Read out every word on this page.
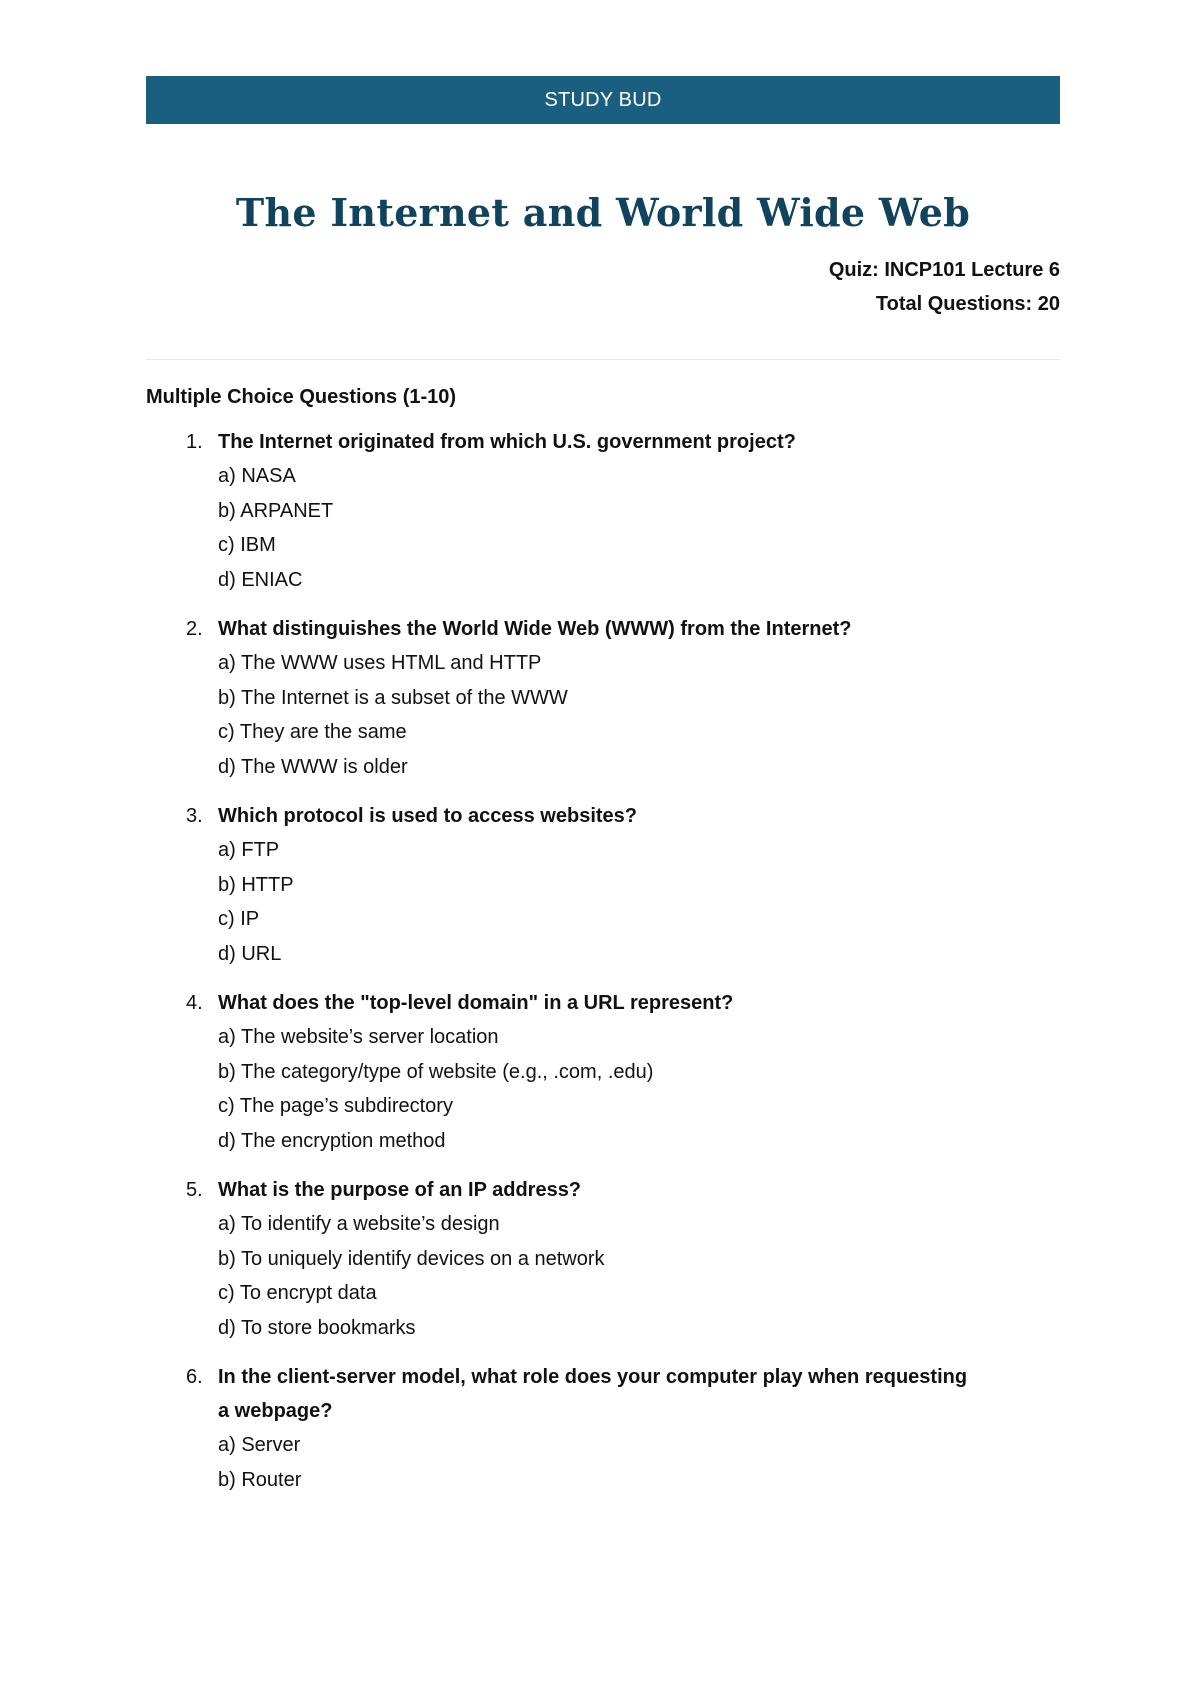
STUDY BUD
The Internet and World Wide Web
Quiz: INCP101 Lecture 6
Total Questions: 20
Multiple Choice Questions (1-10)
1. The Internet originated from which U.S. government project?
a) NASA
b) ARPANET
c) IBM
d) ENIAC
2. What distinguishes the World Wide Web (WWW) from the Internet?
a) The WWW uses HTML and HTTP
b) The Internet is a subset of the WWW
c) They are the same
d) The WWW is older
3. Which protocol is used to access websites?
a) FTP
b) HTTP
c) IP
d) URL
4. What does the "top-level domain" in a URL represent?
a) The website’s server location
b) The category/type of website (e.g., .com, .edu)
c) The page’s subdirectory
d) The encryption method
5. What is the purpose of an IP address?
a) To identify a website’s design
b) To uniquely identify devices on a network
c) To encrypt data
d) To store bookmarks
6. In the client-server model, what role does your computer play when requesting a webpage?
a) Server
b) Router
